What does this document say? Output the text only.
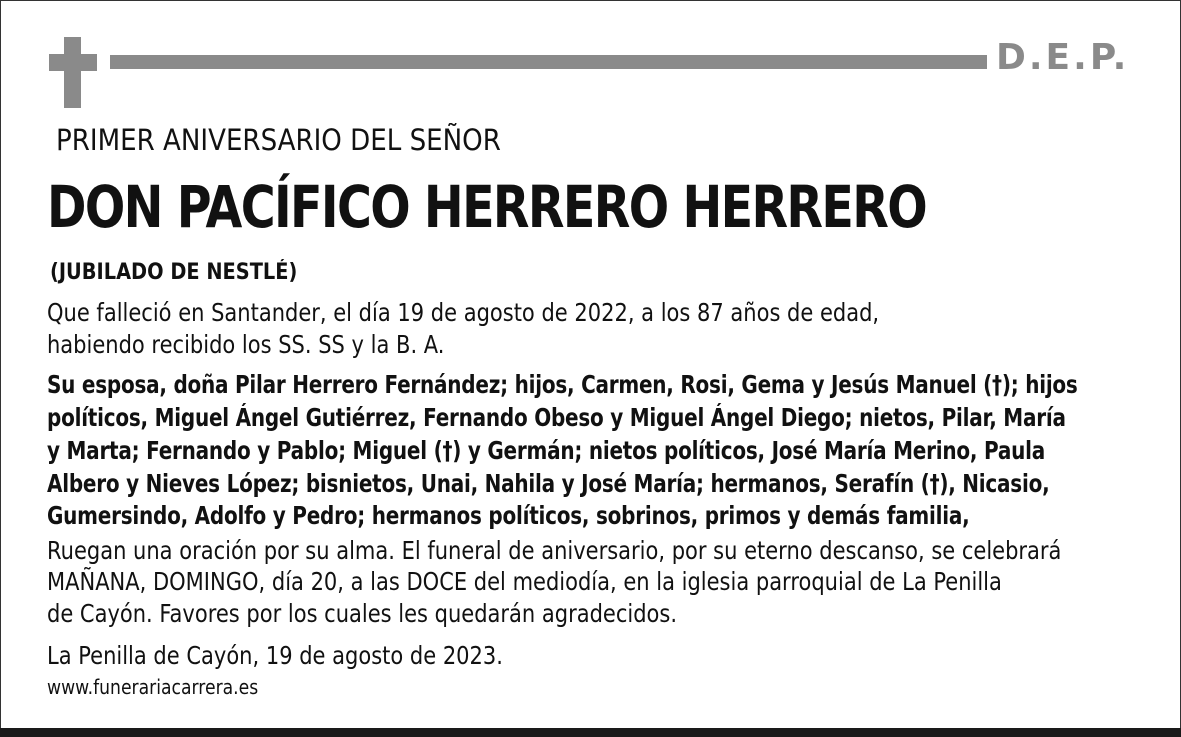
D.E.P.
PRIMER ANIVERSARIO DEL SEÑOR
DON PACÍFICO HERRERO HERRERO
(JUBILADO DE NESTLÉ)
Que falleció en Santander, el día 19 de agosto de 2022, a los 87 años de edad,
habiendo recibido los SS. SS y la B. A.
Su esposa, doña Pilar Herrero Fernández; hijos, Carmen, Rosi, Gema y Jesús Manuel (†); hijos
políticos, Miguel Ángel Gutiérrez, Fernando Obeso y Miguel Ángel Diego; nietos, Pilar, María
y Marta; Fernando y Pablo; Miguel (†) y Germán; nietos políticos, José María Merino, Paula
Albero y Nieves López; bisnietos, Unai, Nahila y José María; hermanos, Serafín (†), Nicasio,
Gumersindo, Adolfo y Pedro; hermanos políticos, sobrinos, primos y demás familia,
Ruegan una oración por su alma. El funeral de aniversario, por su eterno descanso, se celebrará
MAÑANA, DOMINGO, día 20, a las DOCE del mediodía, en la iglesia parroquial de La Penilla
de Cayón. Favores por los cuales les quedarán agradecidos.
La Penilla de Cayón, 19 de agosto de 2023.
www.funerariacarrera.es
